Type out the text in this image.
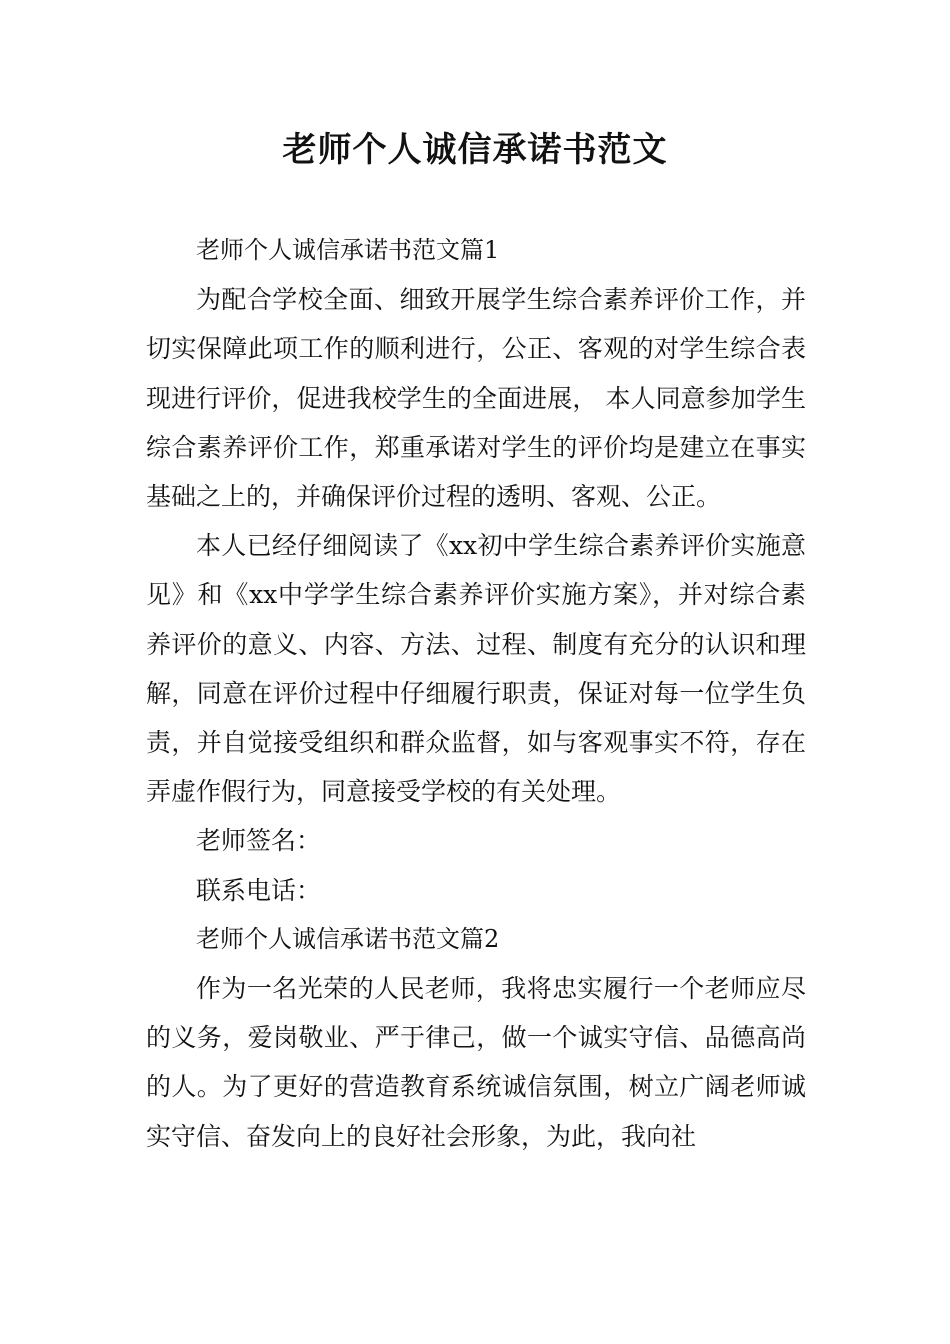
老师个人诚信承诺书范文

老师个人诚信承诺书范文篇1

为配合学校全面、细致开展学生综合素养评价工作，并切实保障此项工作的顺利进行，公正、客观的对学生综合表现进行评价，促进我校学生的全面进展， 本人同意参加学生综合素养评价工作，郑重承诺对学生的评价均是建立在事实基础之上的，并确保评价过程的透明、客观、公正。

本人已经仔细阅读了《xx初中学生综合素养评价实施意见》和《xx中学学生综合素养评价实施方案》，并对综合素养评价的意义、内容、方法、过程、制度有充分的认识和理解，同意在评价过程中仔细履行职责，保证对每一位学生负责，并自觉接受组织和群众监督，如与客观事实不符，存在弄虚作假行为，同意接受学校的有关处理。

老师签名：

联系电话：

老师个人诚信承诺书范文篇2

作为一名光荣的人民老师，我将忠实履行一个老师应尽的义务，爱岗敬业、严于律己，做一个诚实守信、品德高尚的人。为了更好的营造教育系统诚信氛围，树立广阔老师诚实守信、奋发向上的良好社会形象，为此，我向社
